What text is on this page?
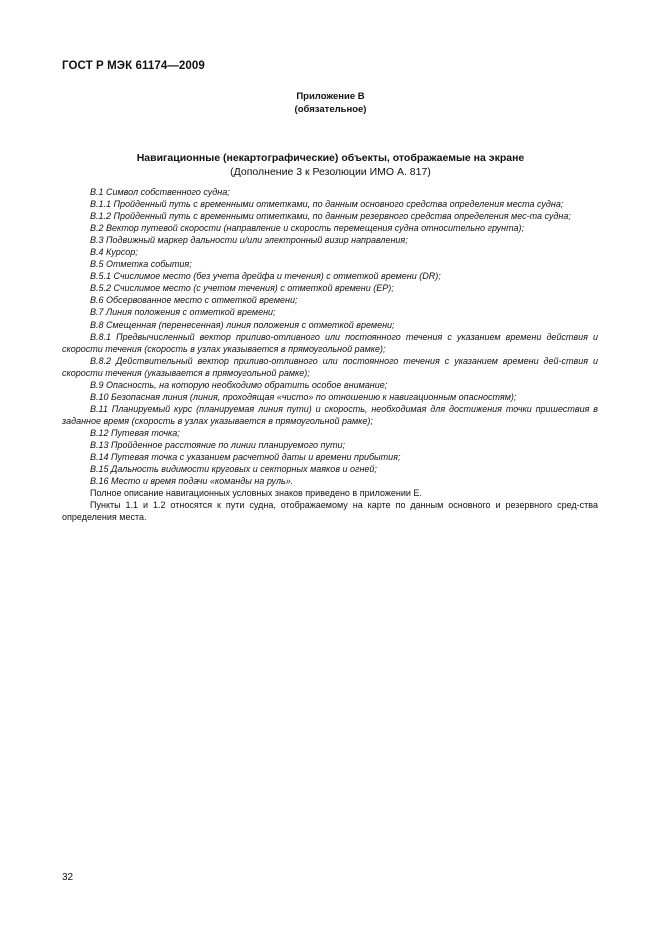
ГОСТ Р МЭК 61174—2009
Приложение В
(обязательное)
Навигационные (некартографические) объекты, отображаемые на экране
(Дополнение 3 к Резолюции ИМО А. 817)

В.1 Символ собственного судна;

В.1.1 Пройденный путь с временными отметками, по данным основного средства определения места судна;

В.1.2 Пройденный путь с временными отметками, по данным резервного средства определения мес-та судна;

В.2 Вектор путевой скорости (направление и скорость перемещения судна относительно грунта);

В.3 Подвижный маркер дальности и/или электронный визир направления;

В.4 Курсор;

В.5 Отметка события;

В.5.1 Счислимое место (без учета дрейфа и течения) с отметкой времени (DR);

В.5.2 Счислимое место (с учетом течения) с отметкой времени (ЕР);

В.6 Обсервованное место с отметкой времени;

В.7 Линия положения с отметкой времени;

В.8 Смещенная (перенесенная) линия положения с отметкой времени;

В.8.1 Предвычисленный вектор приливо-отливного или постоянного течения с указанием времени действия и скорости течения (скорость в узлах указывается в прямоугольной рамке);

В.8.2 Действительный вектор приливо-отливного или постоянного течения с указанием времени дей-ствия и скорости течения (указывается в прямоугольной рамке);

В.9 Опасность, на которую необходимо обратить особое внимание;

В.10 Безопасная линия (линия, проходящая «чисто» по отношению к навигационным опасностям);

В.11 Планируемый курс (планируемая линия пути) и скорость, необходимая для достижения точки пришествия в заданное время (скорость в узлах указывается в прямоугольной рамке);

В.12 Путевая точка;

В.13 Пройденное расстояние по линии планируемого пути;

В.14 Путевая точка с указанием расчетной даты и времени прибытия;

В.15 Дальность видимости круговых и секторных маяков и огней;

В.16 Место и время подачи «команды на руль».

Полное описание навигационных условных знаков приведено в приложении Е.

Пункты 1.1 и 1.2 относятся к пути судна, отображаемому на карте по данным основного и резервного сред-ства определения места.

32
